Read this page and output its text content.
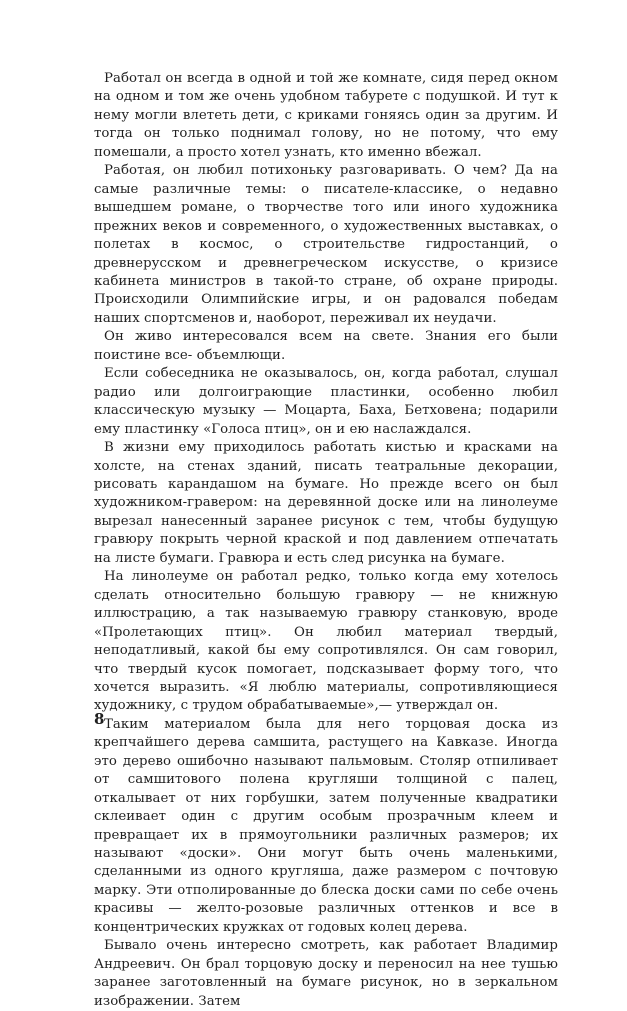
Работал он всегда в одной и той же комнате, сидя перед окном на одном и том же очень удобном табурете с подушкой. И тут к нему могли влететь дети, с криками гоняясь один за другим. И тогда он только поднимал голову, но не потому, что ему помешали, а просто хотел узнать, кто именно вбежал.

Работая, он любил потихоньку разговаривать. О чем? Да на самые различные темы: о писателе-классике, о недавно вышедшем романе, о творчестве того или иного художника прежних веков и современного, о художественных выставках, о полетах в космос, о строительстве гидростанций, о древнерусском и древнегреческом искусстве, о кризисе кабинета министров в такой-то стране, об охране природы. Происходили Олимпийские игры, и он радовался победам наших спортсменов и, наоборот, переживал их неудачи.

Он живо интересовался всем на свете. Знания его были поистине все- объемлющи.

Если собеседника не оказывалось, он, когда работал, слушал радио или долгоиграющие пластинки, особенно любил классическую музыку — Моцарта, Баха, Бетховена; подарили ему пластинку «Голоса птиц», он и ею наслаждался.

В жизни ему приходилось работать кистью и красками на холсте, на стенах зданий, писать театральные декорации, рисовать карандашом на бумаге. Но прежде всего он был художником-гравером: на деревянной доске или на линолеуме вырезал нанесенный заранее рисунок с тем, чтобы будущую гравюру покрыть черной краской и под давлением отпечатать на листе бумаги. Гравюра и есть след рисунка на бумаге.

На линолеуме он работал редко, только когда ему хотелось сделать относительно большую гравюру — не книжную иллюстрацию, а так называемую гравюру станковую, вроде «Пролетающих птиц». Он любил материал твердый, неподатливый, какой бы ему сопротивлялся. Он сам говорил, что твердый кусок помогает, подсказывает форму того, что хочется выразить. «Я люблю материалы, сопротивляющиеся художнику, с трудом обрабатываемые»,— утверждал он.

Таким материалом была для него торцовая доска из крепчайшего дерева самшита, растущего на Кавказе. Иногда это дерево ошибочно называют пальмовым. Столяр отпиливает от самшитового полена кругляши толщиной с палец, откалывает от них горбушки, затем полученные квадратики склеивает один с другим особым прозрачным клеем и превращает их в прямоугольники различных размеров; их называют «доски». Они могут быть очень маленькими, сделанными из одного кругляша, даже размером с почтовую марку. Эти отполированные до блеска доски сами по себе очень красивы — желто-розовые различных оттенков и все в концентрических кружках от годовых колец дерева.

Бывало очень интересно смотреть, как работает Владимир Андреевич. Он брал торцовую доску и переносил на нее тушью заранее заготовленный на бумаге рисунок, но в зеркальном изображении. Затем

8
